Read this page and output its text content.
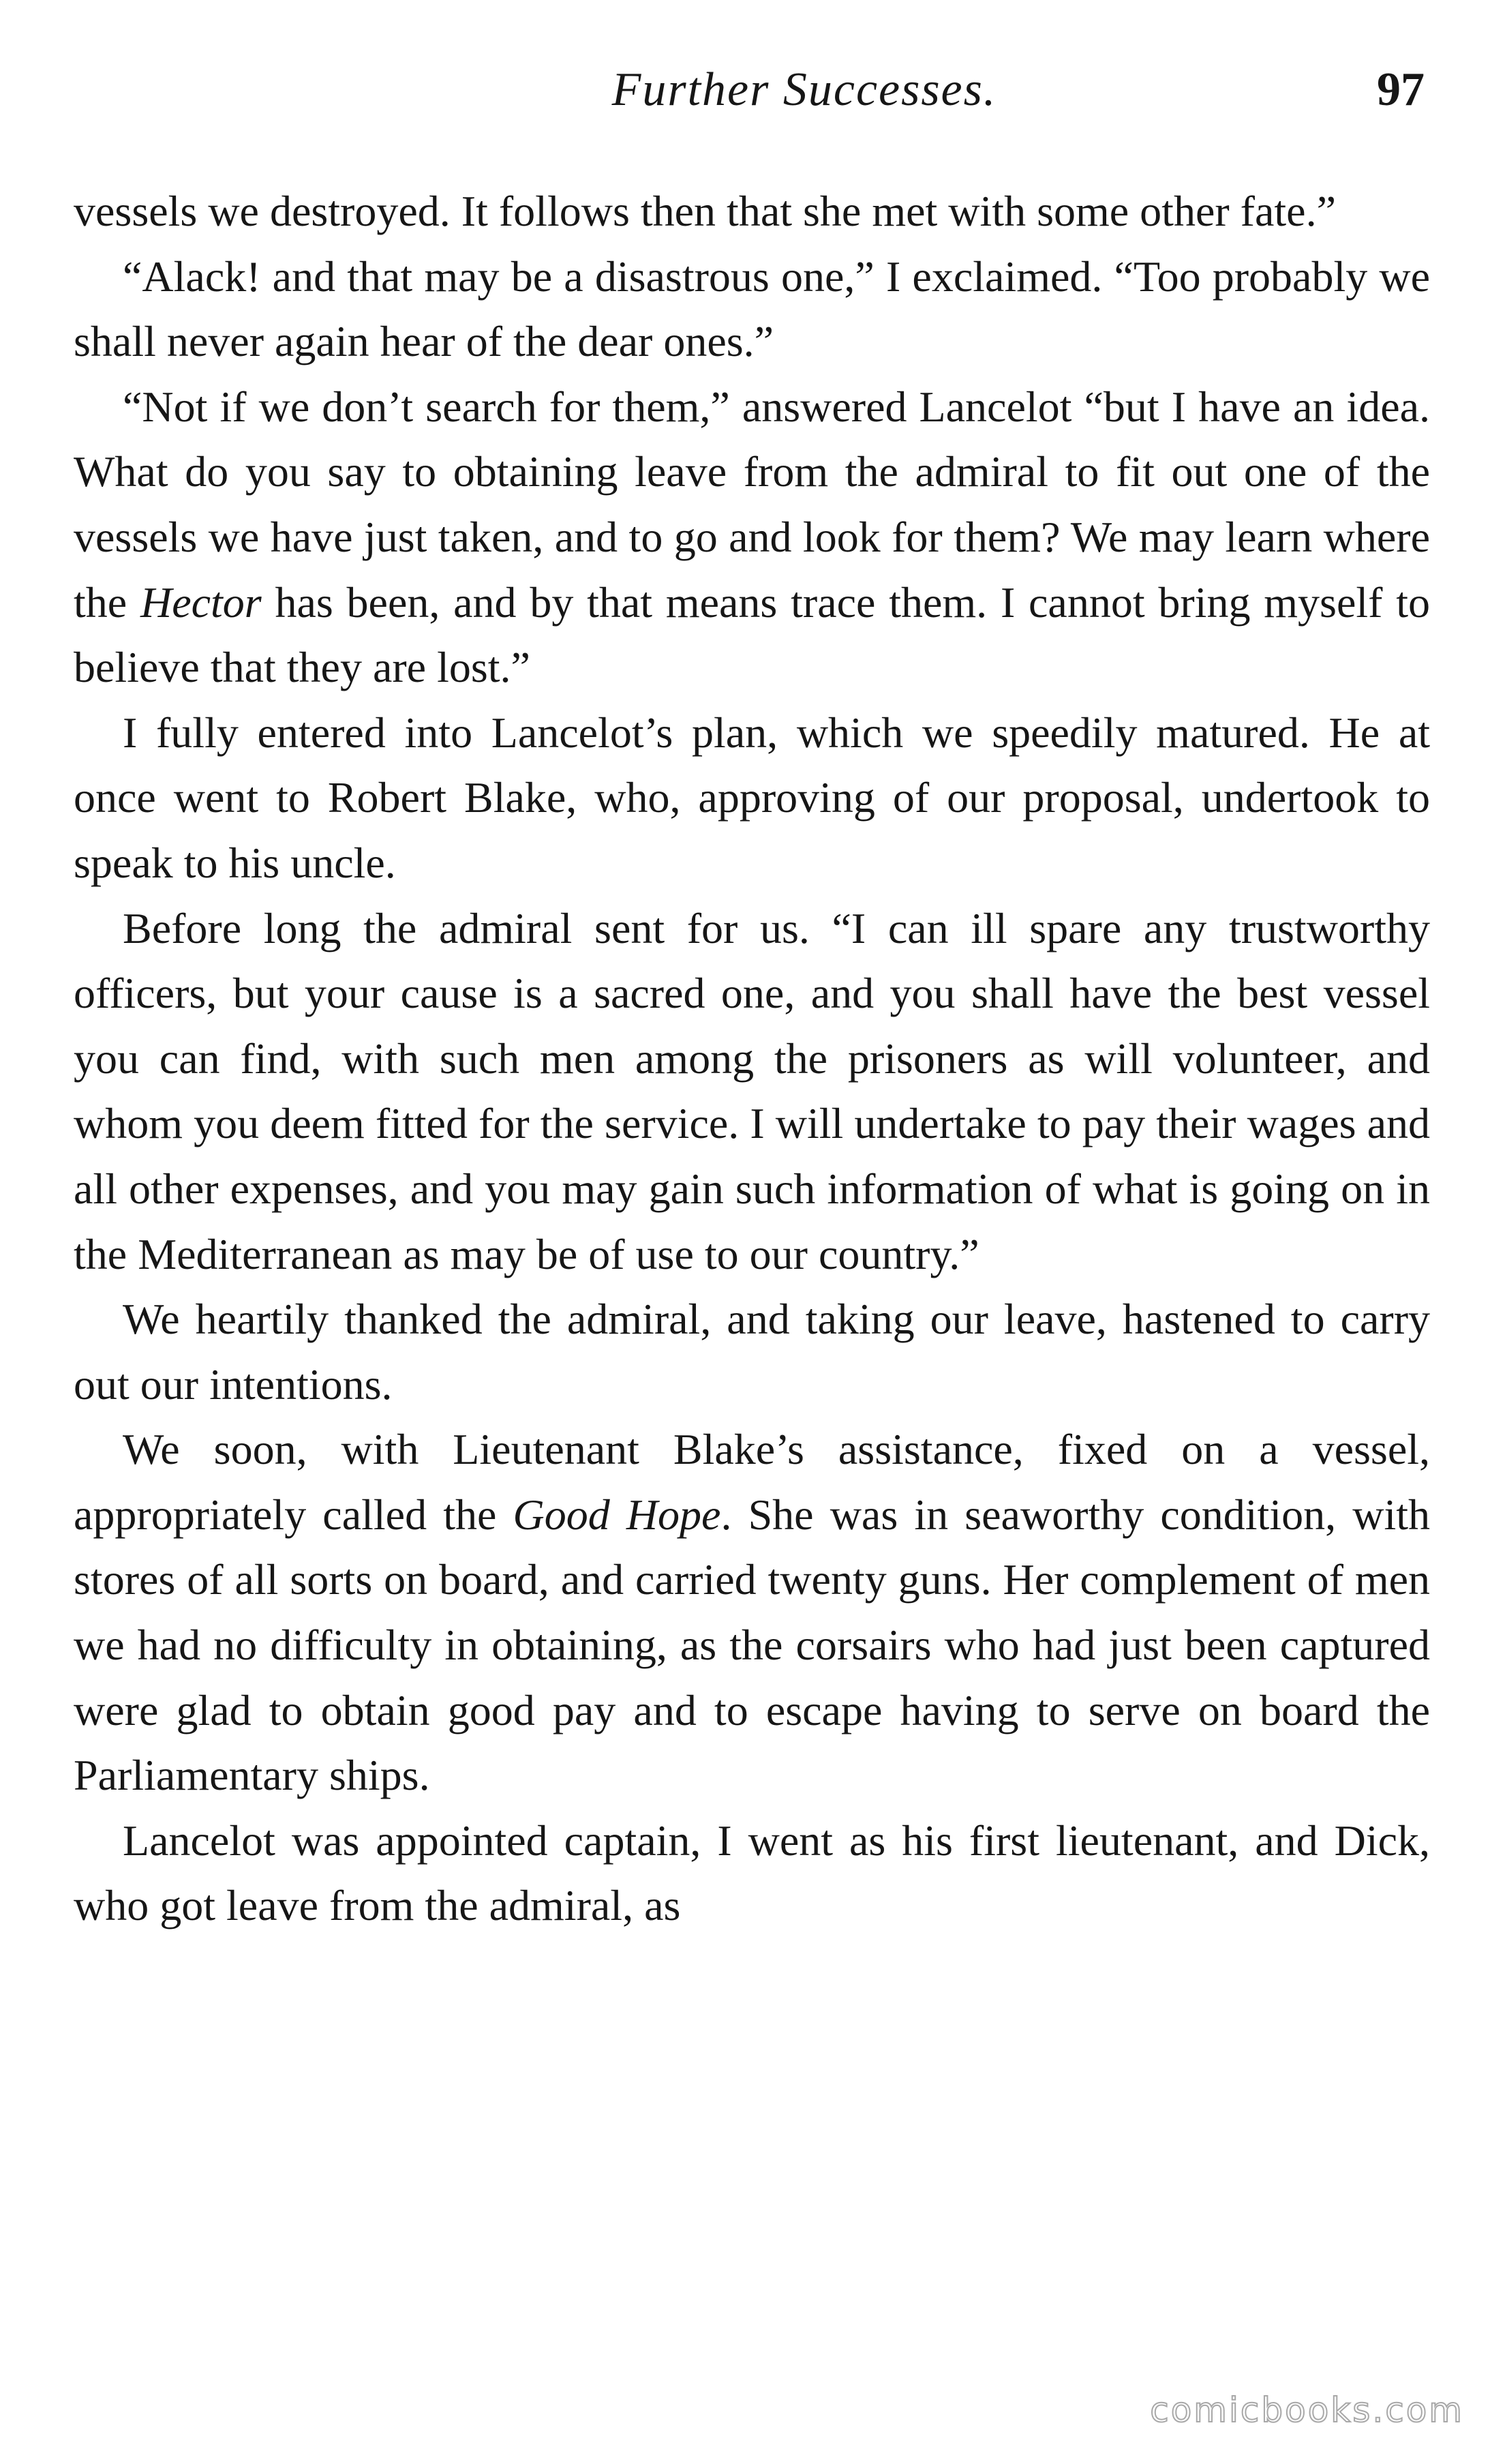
Further Successes.	97

vessels we destroyed. It follows then that she met with some other fate.”

“Alack! and that may be a disastrous one,” I exclaimed. “Too probably we shall never again hear of the dear ones.”

“Not if we don’t search for them,” answered Lancelot “but I have an idea. What do you say to obtaining leave from the admiral to fit out one of the vessels we have just taken, and to go and look for them? We may learn where the Hector has been, and by that means trace them. I cannot bring myself to believe that they are lost.”

I fully entered into Lancelot’s plan, which we speedily matured. He at once went to Robert Blake, who, approving of our proposal, undertook to speak to his uncle.

Before long the admiral sent for us. “I can ill spare any trustworthy officers, but your cause is a sacred one, and you shall have the best vessel you can find, with such men among the prisoners as will volunteer, and whom you deem fitted for the service. I will undertake to pay their wages and all other expenses, and you may gain such information of what is going on in the Mediterranean as may be of use to our country.”

We heartily thanked the admiral, and taking our leave, hastened to carry out our intentions.

We soon, with Lieutenant Blake’s assistance, fixed on a vessel, appropriately called the Good Hope. She was in seaworthy condition, with stores of all sorts on board, and carried twenty guns. Her complement of men we had no difficulty in obtaining, as the corsairs who had just been captured were glad to obtain good pay and to escape having to serve on board the Parliamentary ships.

Lancelot was appointed captain, I went as his first lieutenant, and Dick, who got leave from the admiral, as

comicbooks.com
